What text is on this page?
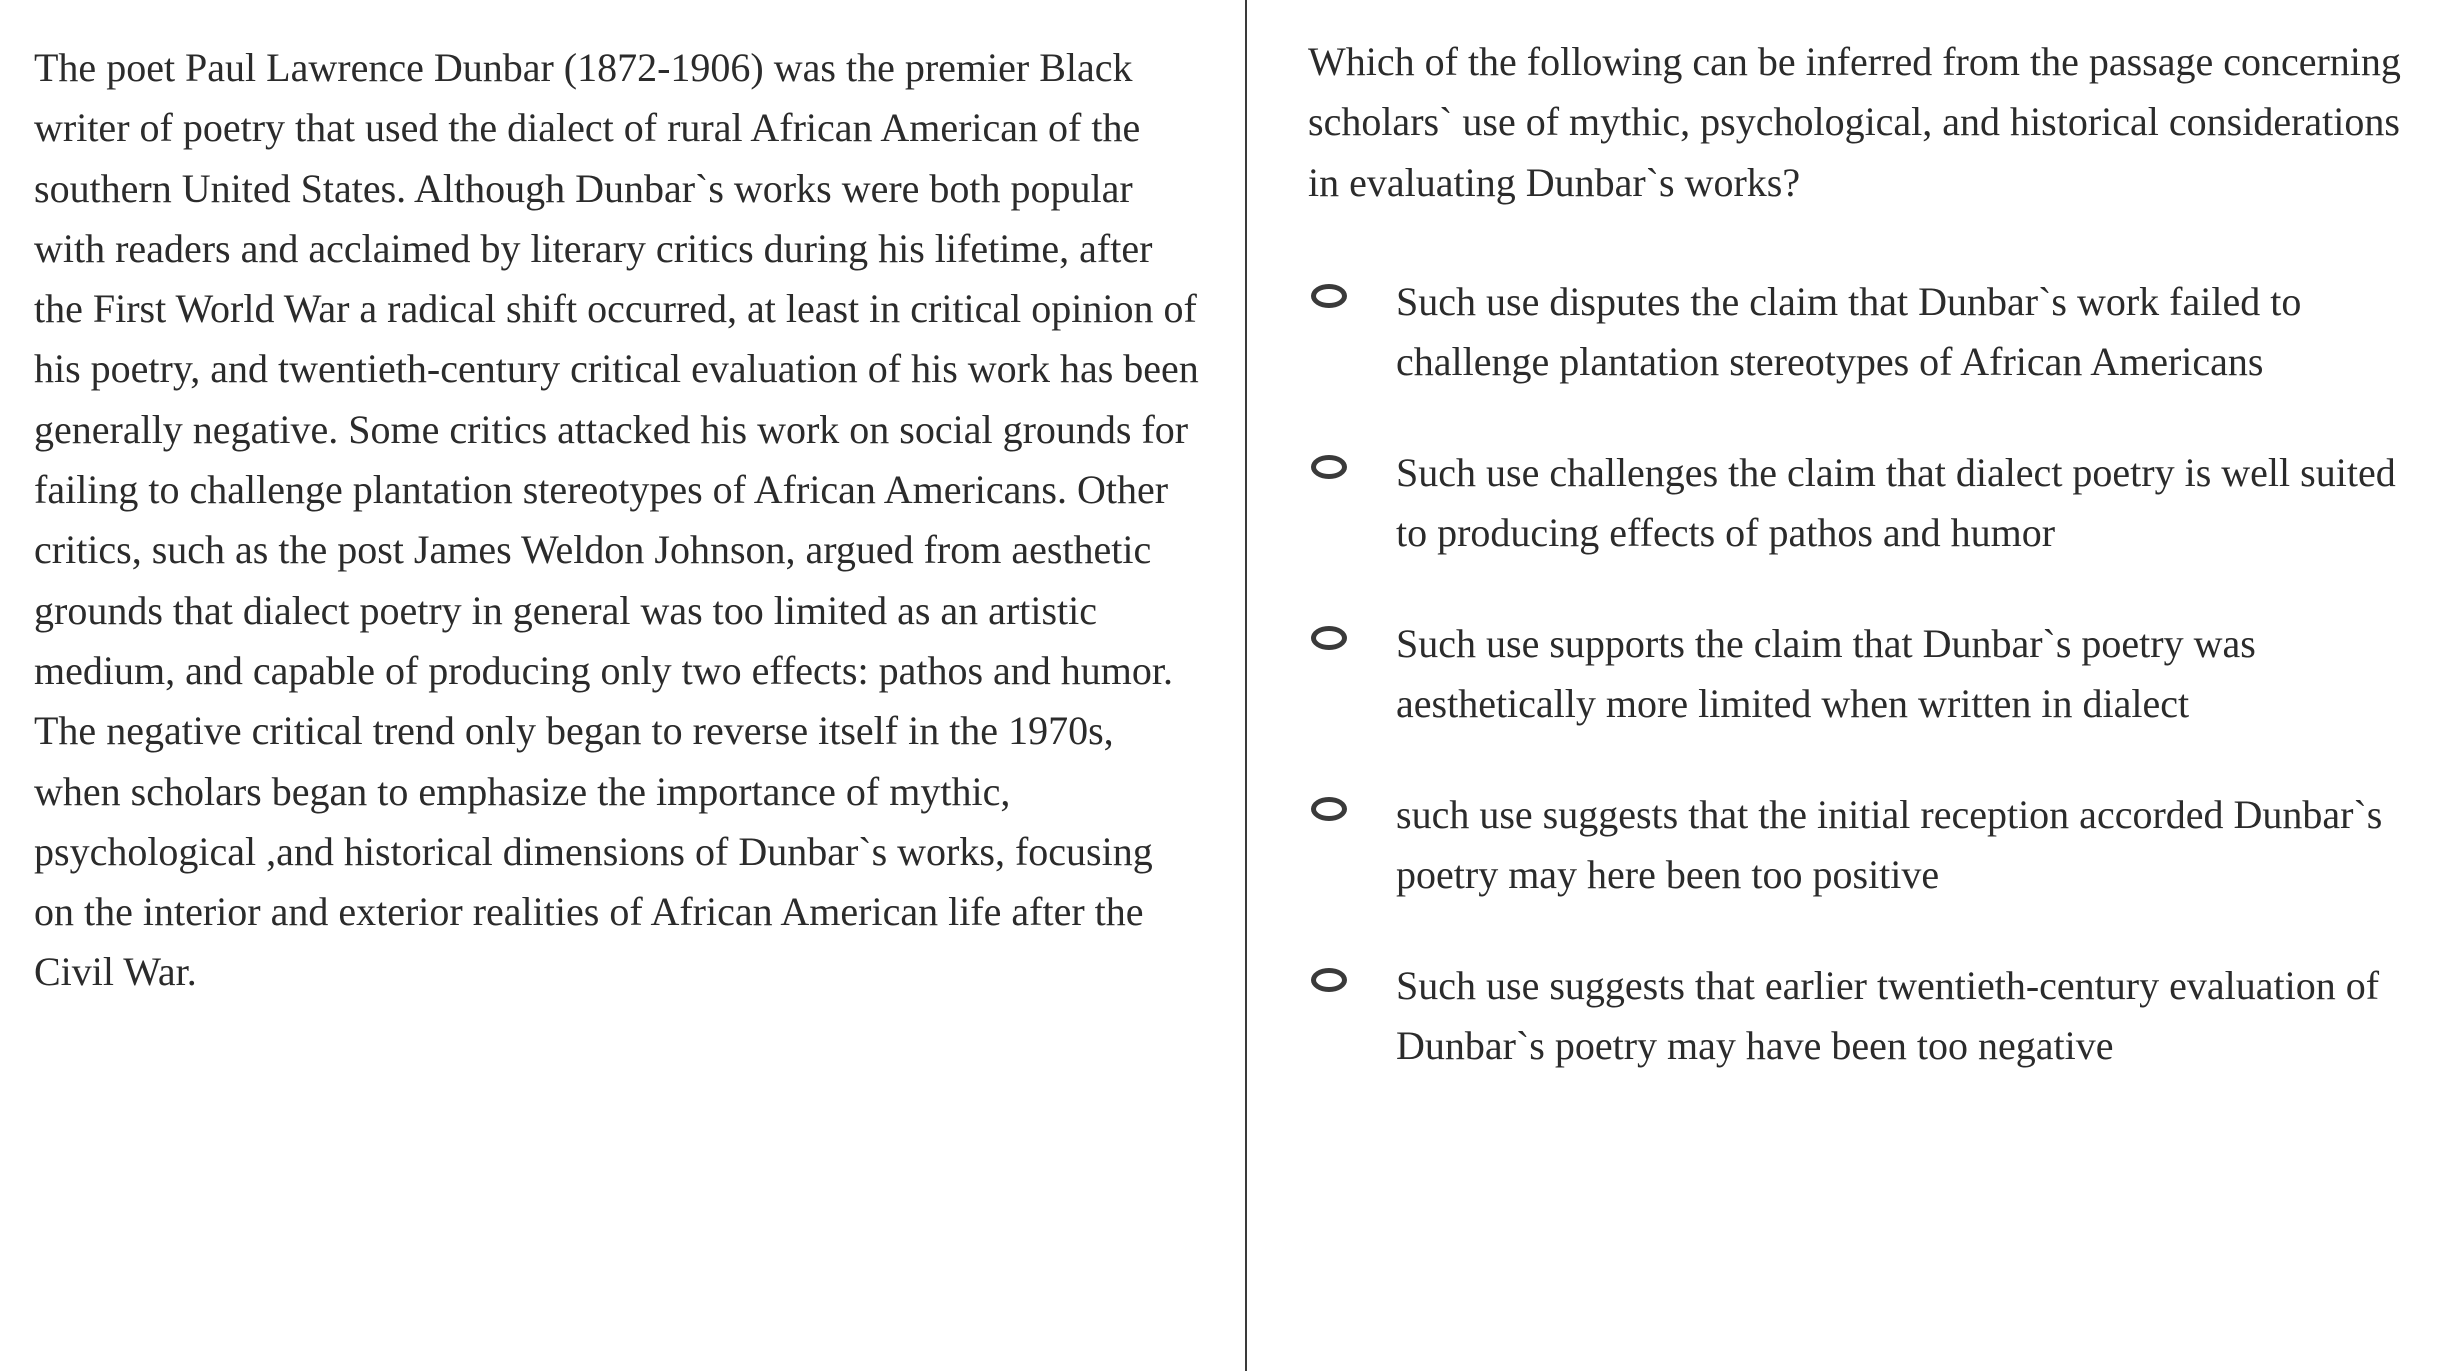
The poet Paul Lawrence Dunbar (1872-1906) was the premier Black writer of poetry that used the dialect of rural African American of the southern United States. Although Dunbar`s works were both popular with readers and acclaimed by literary critics during his lifetime, after the First World War a radical shift occurred, at least in critical opinion of his poetry, and twentieth-century critical evaluation of his work has been generally negative. Some critics attacked his work on social grounds for failing to challenge plantation stereotypes of African Americans. Other critics, such as the post James Weldon Johnson, argued from aesthetic grounds that dialect poetry in general was too limited as an artistic medium, and capable of producing only two effects: pathos and humor. The negative critical trend only began to reverse itself in the 1970s, when scholars began to emphasize the importance of mythic, psychological ,and historical dimensions of Dunbar`s works, focusing on the interior and exterior realities of African American life after the Civil War.

Which of the following can be inferred from the passage concerning scholars` use of mythic, psychological, and historical considerations in evaluating Dunbar`s works?

Such use disputes the claim that Dunbar`s work failed to challenge plantation stereotypes of African Americans
Such use challenges the claim that dialect poetry is well suited to producing effects of pathos and humor
Such use supports the claim that Dunbar`s poetry was aesthetically more limited when written in dialect
such use suggests that the initial reception accorded Dunbar`s poetry may here been too positive
Such use suggests that earlier twentieth-century evaluation of Dunbar`s poetry may have been too negative
